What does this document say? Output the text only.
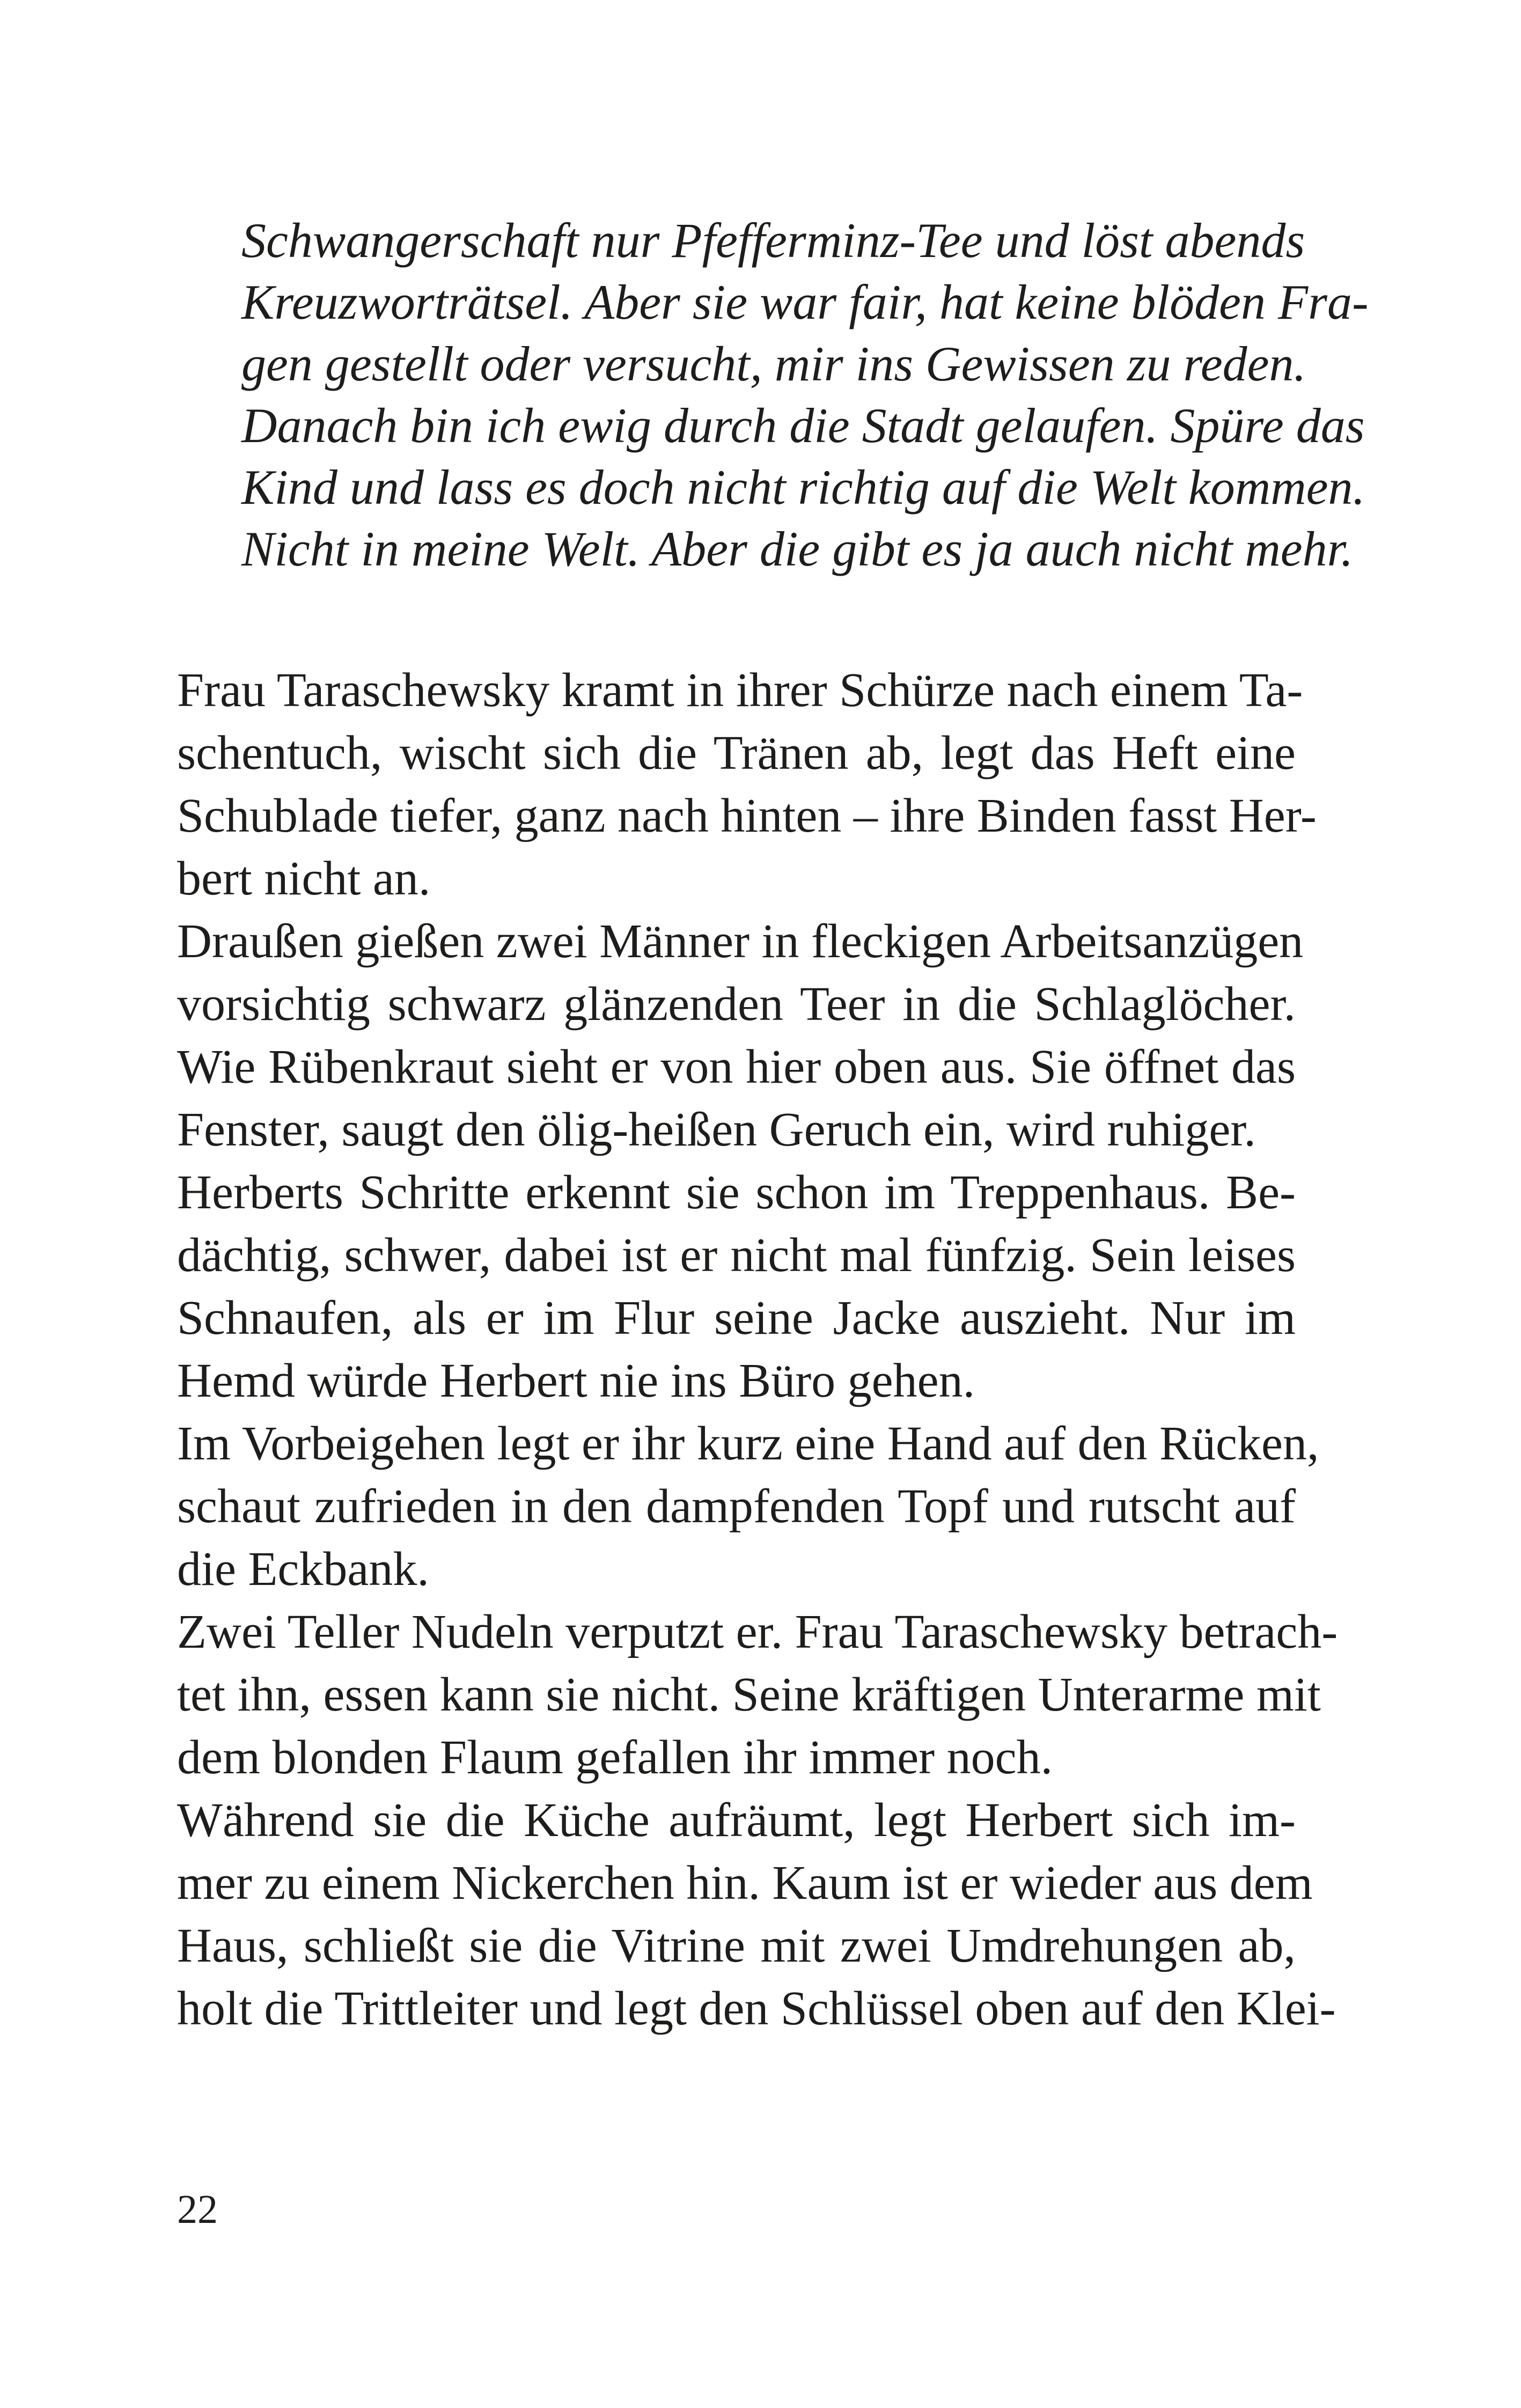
Schwangerschaft nur Pfefferminz-Tee und löst abends

Kreuzworträtsel. Aber sie war fair, hat keine blöden Fra-

gen gestellt oder versucht, mir ins Gewissen zu reden.

Danach bin ich ewig durch die Stadt gelaufen. Spüre das

Kind und lass es doch nicht richtig auf die Welt kommen.

Nicht in meine Welt. Aber die gibt es ja auch nicht mehr.

Frau Taraschewsky kramt in ihrer Schürze nach einem Ta-

schentuch, wischt sich die Tränen ab, legt das Heft eine

Schublade tiefer, ganz nach hinten – ihre Binden fasst Her-

bert nicht an.

Draußen gießen zwei Männer in fleckigen Arbeitsanzügen

vorsichtig schwarz glänzenden Teer in die Schlaglöcher.

Wie Rübenkraut sieht er von hier oben aus. Sie öffnet das

Fenster, saugt den ölig-heißen Geruch ein, wird ruhiger.

Herberts Schritte erkennt sie schon im Treppenhaus. Be-

dächtig, schwer, dabei ist er nicht mal fünfzig. Sein leises

Schnaufen, als er im Flur seine Jacke auszieht. Nur im

Hemd würde Herbert nie ins Büro gehen.

Im Vorbeigehen legt er ihr kurz eine Hand auf den Rücken,

schaut zufrieden in den dampfenden Topf und rutscht auf

die Eckbank.

Zwei Teller Nudeln verputzt er. Frau Taraschewsky betrach-

tet ihn, essen kann sie nicht. Seine kräftigen Unterarme mit

dem blonden Flaum gefallen ihr immer noch.

Während sie die Küche aufräumt, legt Herbert sich im-

mer zu einem Nickerchen hin. Kaum ist er wieder aus dem

Haus, schließt sie die Vitrine mit zwei Umdrehungen ab,

holt die Trittleiter und legt den Schlüssel oben auf den Klei-

22
